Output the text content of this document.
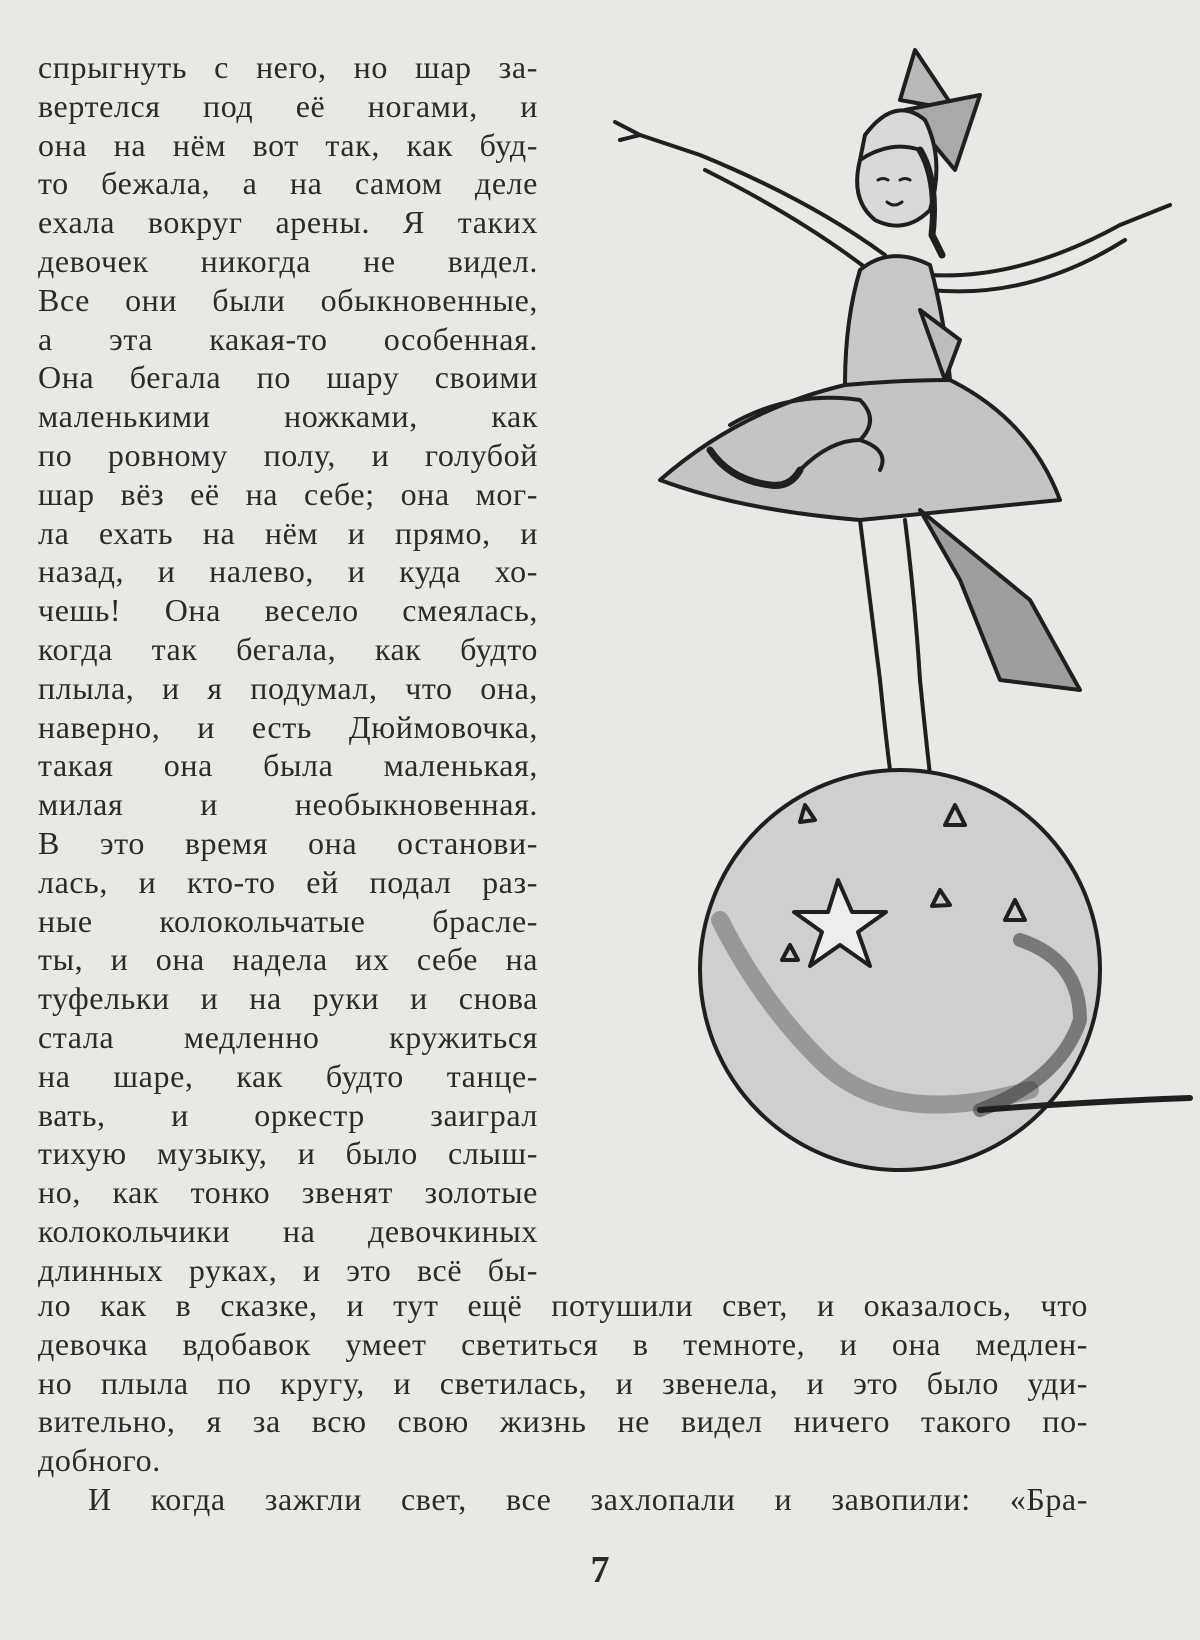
спрыгнуть с него, но шар за-
вертелся под её ногами, и
она на нём вот так, как буд-
то бежала, а на самом деле
ехала вокруг арены. Я таких
девочек никогда не видел.
Все они были обыкновенные,
а эта какая-то особенная.
Она бегала по шару своими
маленькими ножками, как
по ровному полу, и голубой
шар вёз её на себе; она мог-
ла ехать на нём и прямо, и
назад, и налево, и куда хо-
чешь! Она весело смеялась,
когда так бегала, как будто
плыла, и я подумал, что она,
наверно, и есть Дюймовочка,
такая она была маленькая,
милая и необыкновенная.
В это время она останови-
лась, и кто-то ей подал раз-
ные колокольчатые брасле-
ты, и она надела их себе на
туфельки и на руки и снова
стала медленно кружиться
на шаре, как будто танце-
вать, и оркестр заиграл
тихую музыку, и было слыш-
но, как тонко звенят золотые
колокольчики на девочкиных
длинных руках, и это всё бы-
ло как в сказке, и тут ещё потушили свет, и оказалось, что
девочка вдобавок умеет светиться в темноте, и она медлен-
но плыла по кругу, и светилась, и звенела, и это было уди-
вительно, я за всю свою жизнь не видел ничего такого по-
добного.
И когда зажгли свет, все захлопали и завопили: «Бра-
7
